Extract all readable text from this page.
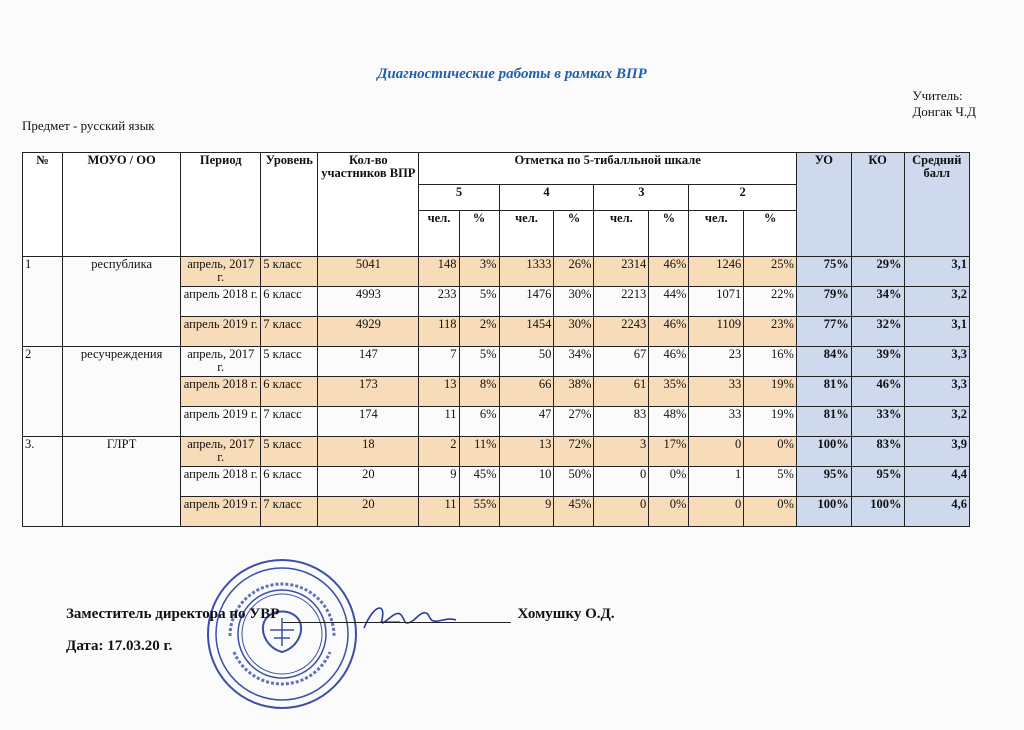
Диагностические работы в рамках ВПР
Учитель:
Донгак Ч.Д
Предмет - русский язык
№	МОУО / ОО	Период	Уровень	Кол-во участников ВПР	Отметка по 5-тибалльной шкале								УО	КО	Средний балл
					5		4		3		2				
					чел.	%	чел.	%	чел.	%	чел.	%			
1	республика	апрель, 2017 г.	5 класс	5041	148	3%	1333	26%	2314	46%	1246	25%	75%	29%	3,1
		апрель 2018 г.	6 класс	4993	233	5%	1476	30%	2213	44%	1071	22%	79%	34%	3,2
		апрель 2019 г.	7 класс	4929	118	2%	1454	30%	2243	46%	1109	23%	77%	32%	3,1
2	ресучреждения	апрель, 2017 г.	5 класс	147	7	5%	50	34%	67	46%	23	16%	84%	39%	3,3
		апрель 2018 г.	6 класс	173	13	8%	66	38%	61	35%	33	19%	81%	46%	3,3
		апрель 2019 г.	7 класс	174	11	6%	47	27%	83	48%	33	19%	81%	33%	3,2
3.	ГЛРТ	апрель, 2017 г.	5 класс	18	2	11%	13	72%	3	17%	0	0%	100%	83%	3,9
		апрель 2018 г.	6 класс	20	9	45%	10	50%	0	0%	1	5%	95%	95%	4,4
		апрель 2019 г.	7 класс	20	11	55%	9	45%	0	0%	0	0%	100%	100%	4,6
Заместитель директора по УВР	Хомушку О.Д.
Дата: 17.03.20 г.
